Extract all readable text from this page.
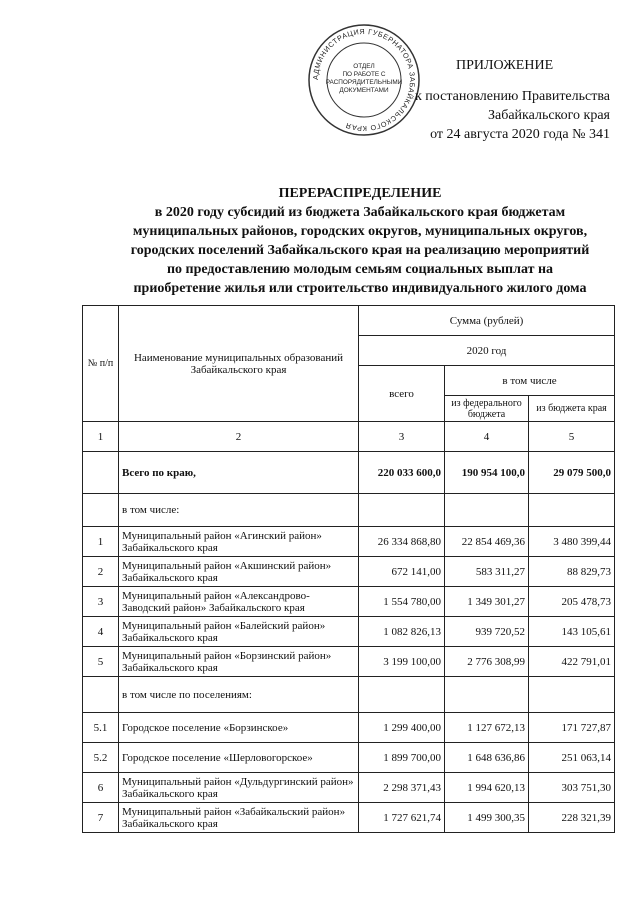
АДМИНИСТРАЦИЯ ГУБЕРНАТОРА ЗАБАЙКАЛЬСКОГО КРАЯ
ОТДЕЛ ПО РАБОТЕ С РАСПОРЯДИТЕЛЬНЫМИ ДОКУМЕНТАМИ
ПРИЛОЖЕНИЕ
к постановлению Правительства
Забайкальского края
от 24 августа 2020 года № 341
ПЕРЕРАСПРЕДЕЛЕНИЕ
в 2020 году субсидий из бюджета Забайкальского края бюджетам
муниципальных районов, городских округов, муниципальных округов,
городских поселений Забайкальского края на реализацию мероприятий
по предоставлению молодым семьям социальных выплат на
приобретение жилья или строительство индивидуального жилого дома
№ п/п	Наименование муниципальных образований Забайкальского края	Сумма (рублей)		
		2020 год		
		всего	в том числе	
			из федерального бюджета	из бюджета края
1	2	3	4	5
	Всего по краю,	220 033 600,0	190 954 100,0	29 079 500,0
	в том числе:			
1	Муниципальный район «Агинский район» Забайкальского края	26 334 868,80	22 854 469,36	3 480 399,44
2	Муниципальный район «Акшинский район» Забайкальского края	672 141,00	583 311,27	88 829,73
3	Муниципальный район «Александрово-Заводский район» Забайкальского края	1 554 780,00	1 349 301,27	205 478,73
4	Муниципальный район «Балейский район» Забайкальского края	1 082 826,13	939 720,52	143 105,61
5	Муниципальный район «Борзинский район» Забайкальского края	3 199 100,00	2 776 308,99	422 791,01
	в том числе по поселениям:			
5.1	Городское поселение «Борзинское»	1 299 400,00	1 127 672,13	171 727,87
5.2	Городское поселение «Шерловогорское»	1 899 700,00	1 648 636,86	251 063,14
6	Муниципальный район «Дульдургинский район» Забайкальского края	2 298 371,43	1 994 620,13	303 751,30
7	Муниципальный район «Забайкальский район» Забайкальского края	1 727 621,74	1 499 300,35	228 321,39
